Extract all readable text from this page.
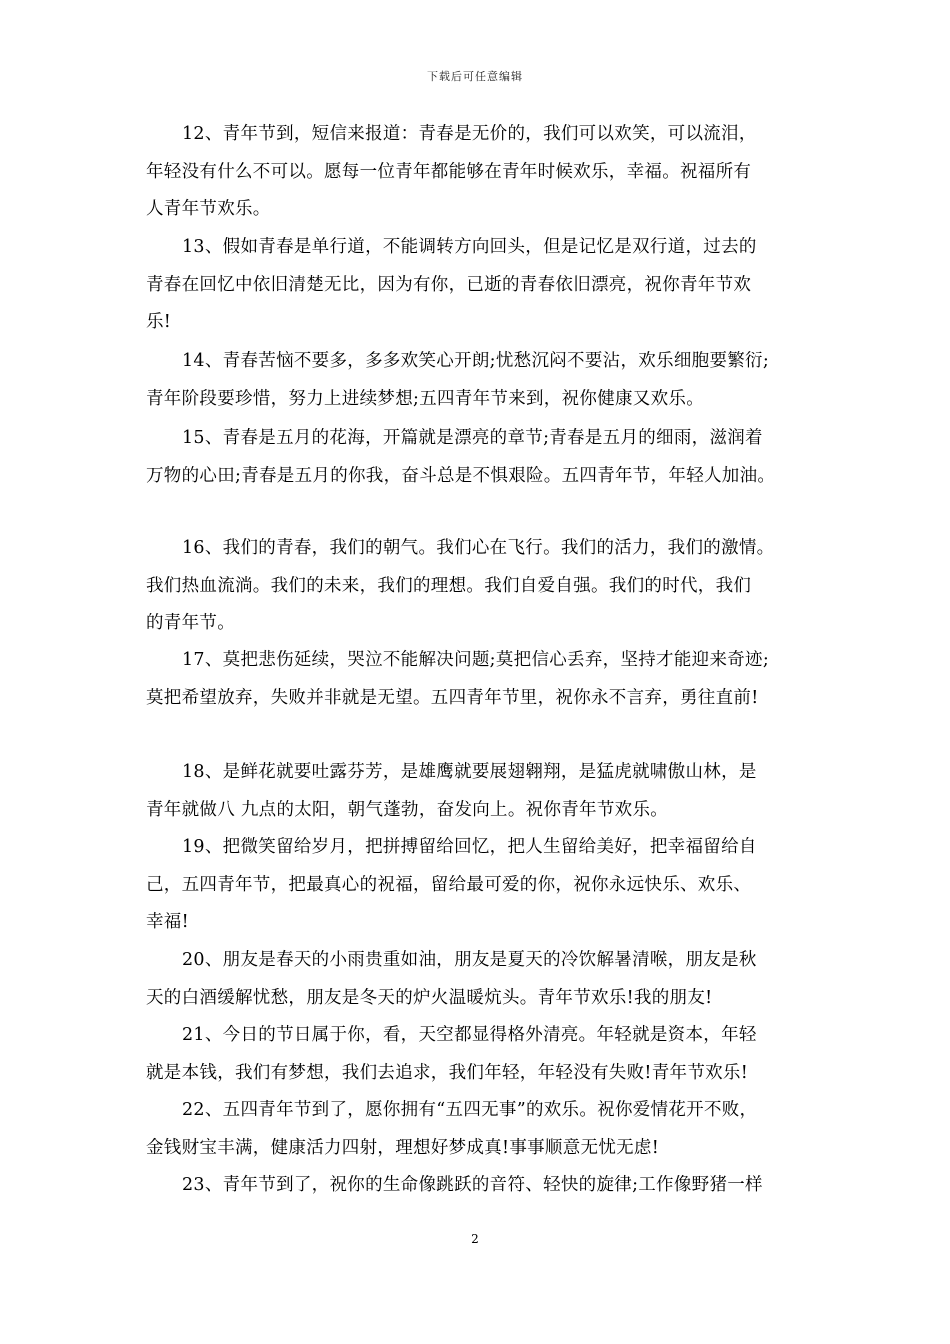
下载后可任意编辑

12、青年节到，短信来报道：青春是无价的，我们可以欢笑，可以流泪，
年轻没有什么不可以。愿每一位青年都能够在青年时候欢乐，幸福。祝福所有
人青年节欢乐。

13、假如青春是单行道，不能调转方向回头，但是记忆是双行道，过去的
青春在回忆中依旧清楚无比，因为有你，已逝的青春依旧漂亮，祝你青年节欢
乐!

14、青春苦恼不要多，多多欢笑心开朗;忧愁沉闷不要沾，欢乐细胞要繁衍;
青年阶段要珍惜，努力上进续梦想;五四青年节来到，祝你健康又欢乐。

15、青春是五月的花海，开篇就是漂亮的章节;青春是五月的细雨，滋润着
万物的心田;青春是五月的你我，奋斗总是不惧艰险。五四青年节，年轻人加油。

16、我们的青春，我们的朝气。我们心在飞行。我们的活力，我们的激情。
我们热血流淌。我们的未来，我们的理想。我们自爱自强。我们的时代，我们
的青年节。

17、莫把悲伤延续，哭泣不能解决问题;莫把信心丢弃，坚持才能迎来奇迹;
莫把希望放弃，失败并非就是无望。五四青年节里，祝你永不言弃，勇往直前!

18、是鲜花就要吐露芬芳，是雄鹰就要展翅翱翔，是猛虎就啸傲山林，是
青年就做八 九点的太阳，朝气蓬勃，奋发向上。祝你青年节欢乐。

19、把微笑留给岁月，把拼搏留给回忆，把人生留给美好，把幸福留给自
己，五四青年节，把最真心的祝福，留给最可爱的你，祝你永远快乐、欢乐、
幸福!

20、朋友是春天的小雨贵重如油，朋友是夏天的冷饮解暑清喉，朋友是秋
天的白酒缓解忧愁，朋友是冬天的炉火温暖炕头。青年节欢乐!我的朋友!

21、今日的节日属于你，看，天空都显得格外清亮。年轻就是资本，年轻
就是本钱，我们有梦想，我们去追求，我们年轻，年轻没有失败!青年节欢乐!

22、五四青年节到了，愿你拥有“五四无事”的欢乐。祝你爱情花开不败，
金钱财宝丰满，健康活力四射，理想好梦成真!事事顺意无忧无虑!

23、青年节到了，祝你的生命像跳跃的音符、轻快的旋律;工作像野猪一样

2
